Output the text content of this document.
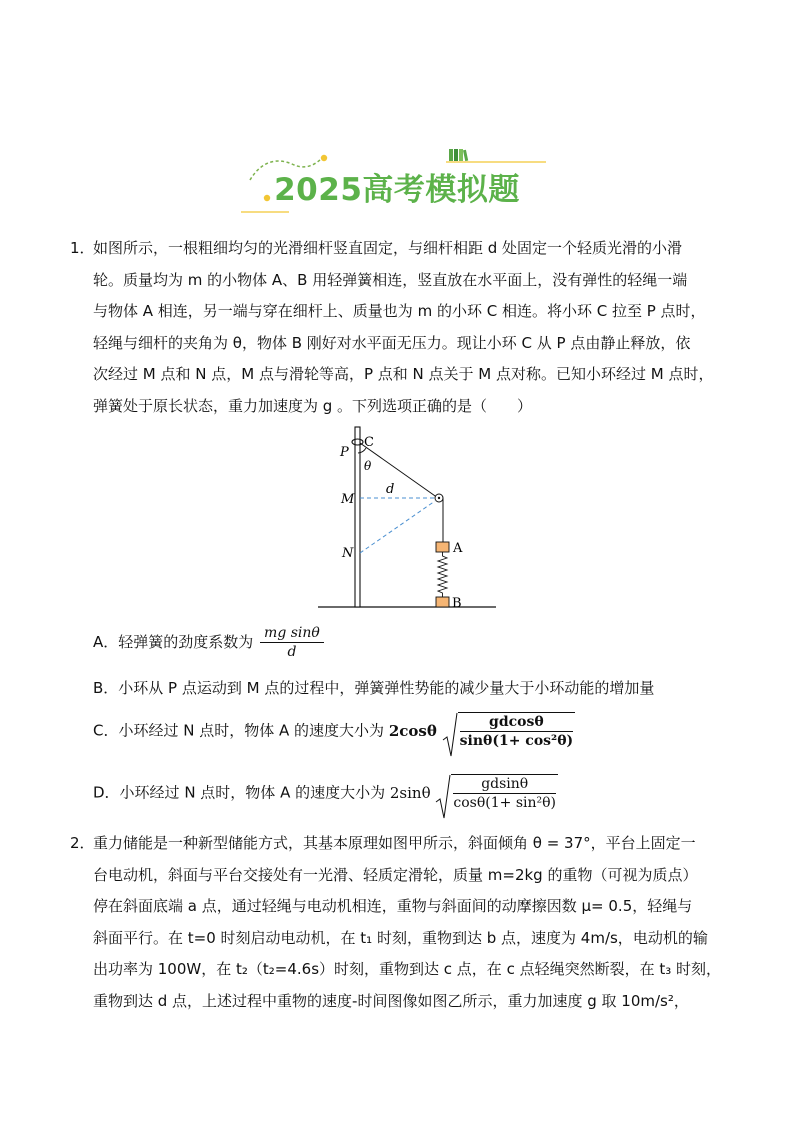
2025高考模拟题
1．
如图所示，一根粗细均匀的光滑细杆竖直固定，与细杆相距 d 处固定一个轻质光滑的小滑
轮。质量均为 m 的小物体 A、B 用轻弹簧相连，竖直放在水平面上，没有弹性的轻绳一端
与物体 A 相连，另一端与穿在细杆上、质量也为 m 的小环 C 相连。将小环 C 拉至 P 点时，
轻绳与细杆的夹角为 θ，物体 B 刚好对水平面无压力。现让小环 C 从 P 点由静止释放，依
次经过 M 点和 N 点，M 点与滑轮等高，P 点和 N 点关于 M 点对称。已知小环经过 M 点时，
弹簧处于原长状态，重力加速度为 g 。下列选项正确的是（　　）
P
C
θ
M
d
N	A
B
A．轻弹簧的劲度系数为 $\frac{\text{mg sinθ}}{d}$
B．小环从 P 点运动到 M 点的过程中，弹簧弹性势能的减少量大于小环动能的增加量
C．小环经过 N 点时，物体 A 的速度大小为 $2\cos\theta \frac{gdcos\theta}{\text{sinθ(1+ cos²θ)}}$
D．小环经过 N 点时，物体 A 的速度大小为 $2\sin\theta \frac{gdsin\theta}{\text{cosθ(1+ sin²θ)}}$
2．
重力储能是一种新型储能方式，其基本原理如图甲所示，斜面倾角 θ = 37°，平台上固定一
台电动机，斜面与平台交接处有一光滑、轻质定滑轮，质量 m=2kg 的重物（可视为质点）
停在斜面底端 a 点，通过轻绳与电动机相连，重物与斜面间的动摩擦因数 μ= 0.5，轻绳与
斜面平行。在 t=0 时刻启动电动机，在 t₁ 时刻，重物到达 b 点，速度为 4m/s，电动机的输
出功率为 100W，在 t₂（t₂=4.6s）时刻，重物到达 c 点，在 c 点轻绳突然断裂，在 t₃ 时刻，
重物到达 d 点，上述过程中重物的速度-时间图像如图乙所示，重力加速度 g 取 10m/s²，
